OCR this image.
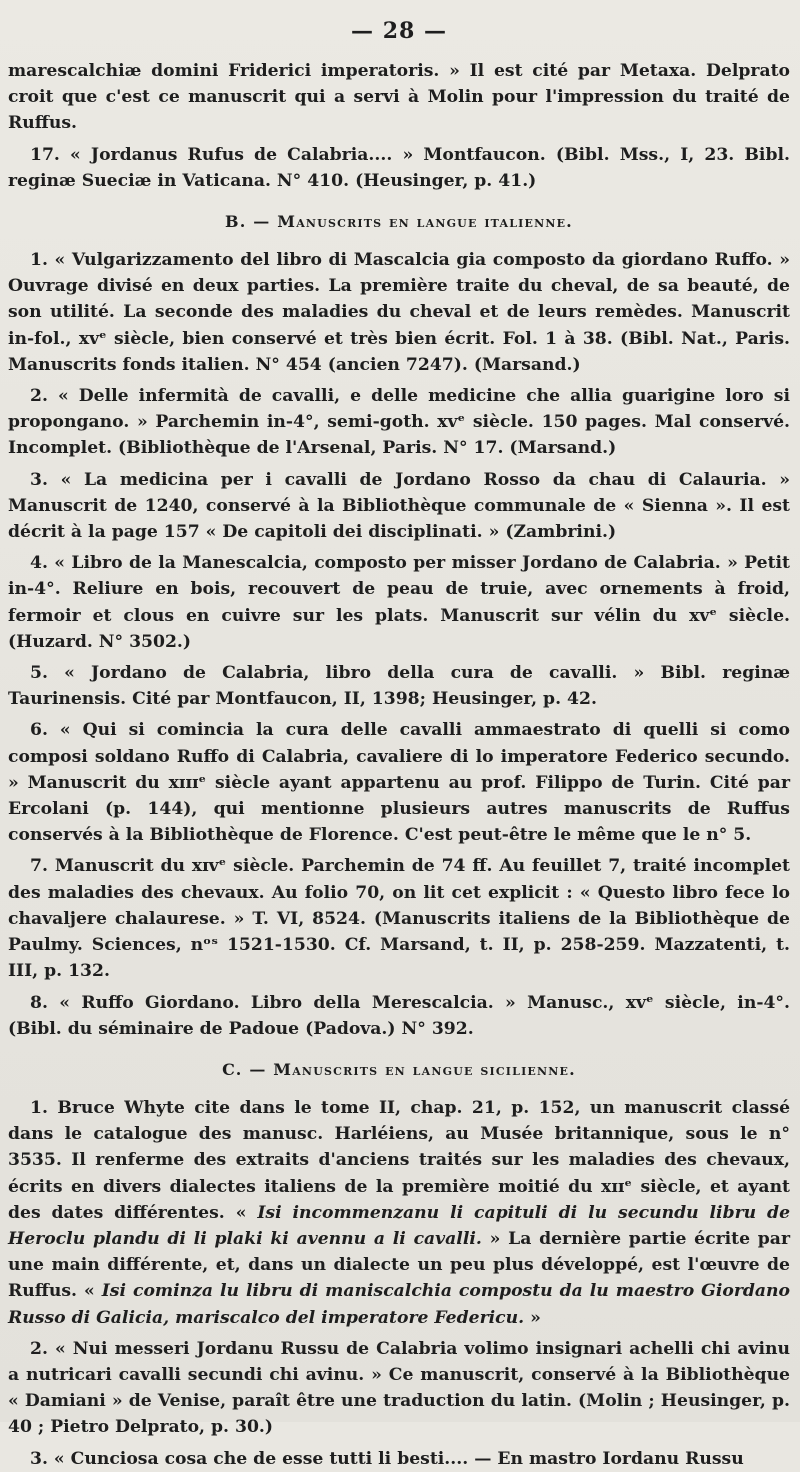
— 28 —

marescalchiæ domini Friderici imperatoris. » Il est cité par Metaxa. Delprato croit que c'est ce manuscrit qui a servi à Molin pour l'impression du traité de Ruffus.

17. « Jordanus Rufus de Calabria.... » Montfaucon. (Bibl. Mss., I, 23. Bibl. reginæ Sueciæ in Vaticana. N° 410. (Heusinger, p. 41.)

B. — Manuscrits en langue italienne.

1. « Vulgarizzamento del libro di Mascalcia gia composto da giordano Ruffo. » Ouvrage divisé en deux parties. La première traite du cheval, de sa beauté, de son utilité. La seconde des maladies du cheval et de leurs remèdes. Manuscrit in-fol., xvᵉ siècle, bien conservé et très bien écrit. Fol. 1 à 38. (Bibl. Nat., Paris. Manuscrits fonds italien. N° 454 (ancien 7247). (Marsand.)

2. « Delle infermità de cavalli, e delle medicine che allia guarigine loro si propongano. » Parchemin in-4°, semi-goth. xvᵉ siècle. 150 pages. Mal conservé. Incomplet. (Bibliothèque de l'Arsenal, Paris. N° 17. (Marsand.)

3. « La medicina per i cavalli de Jordano Rosso da chau di Calauria. » Manuscrit de 1240, conservé à la Bibliothèque communale de « Sienna ». Il est décrit à la page 157 « De capitoli dei disciplinati. » (Zambrini.)

4. « Libro de la Manescalcia, composto per misser Jordano de Calabria. » Petit in-4°. Reliure en bois, recouvert de peau de truie, avec ornements à froid, fermoir et clous en cuivre sur les plats. Manuscrit sur vélin du xvᵉ siècle. (Huzard. N° 3502.)

5. « Jordano de Calabria, libro della cura de cavalli. » Bibl. reginæ Taurinensis. Cité par Montfaucon, II, 1398; Heusinger, p. 42.

6. « Qui si comincia la cura delle cavalli ammaestrato di quelli si como composi soldano Ruffo di Calabria, cavaliere di lo imperatore Federico secundo. » Manuscrit du xɪɪɪᵉ siècle ayant appartenu au prof. Filippo de Turin. Cité par Ercolani (p. 144), qui mentionne plusieurs autres manuscrits de Ruffus conservés à la Bibliothèque de Florence. C'est peut-être le même que le n° 5.

7. Manuscrit du xɪvᵉ siècle. Parchemin de 74 ff. Au feuillet 7, traité incomplet des maladies des chevaux. Au folio 70, on lit cet explicit : « Questo libro fece lo chavaljere chalaurese. » T. VI, 8524. (Manuscrits italiens de la Bibliothèque de Paulmy. Sciences, nᵒˢ 1521-1530. Cf. Marsand, t. II, p. 258-259. Mazzatenti, t. III, p. 132.

8. « Ruffo Giordano. Libro della Merescalcia. » Manusc., xvᵉ siècle, in-4°. (Bibl. du séminaire de Padoue (Padova.) N° 392.

C. — Manuscrits en langue sicilienne.

1. Bruce Whyte cite dans le tome II, chap. 21, p. 152, un manuscrit classé dans le catalogue des manusc. Harléiens, au Musée britannique, sous le n° 3535. Il renferme des extraits d'anciens traités sur les maladies des chevaux, écrits en divers dialectes italiens de la première moitié du xɪɪᵉ siècle, et ayant des dates différentes. « Isi incommenzanu li capituli di lu secundu libru de Heroclu plandu di li plaki ki avennu a li cavalli. » La dernière partie écrite par une main différente, et, dans un dialecte un peu plus développé, est l'œuvre de Ruffus. « Isi cominza lu libru di maniscalchia compostu da lu maestro Giordano Russo di Galicia, mariscalco del imperatore Federicu. »

2. « Nui messeri Jordanu Russu de Calabria volimo insignari achelli chi avinu a nutricari cavalli secundi chi avinu. » Ce manuscrit, conservé à la Bibliothèque « Damiani » de Venise, paraît être une traduction du latin. (Molin ; Heusinger, p. 40 ; Pietro Delprato, p. 30.)

3. « Cunciosa cosa che de esse tutti li besti.... — En mastro Iordanu Russu
